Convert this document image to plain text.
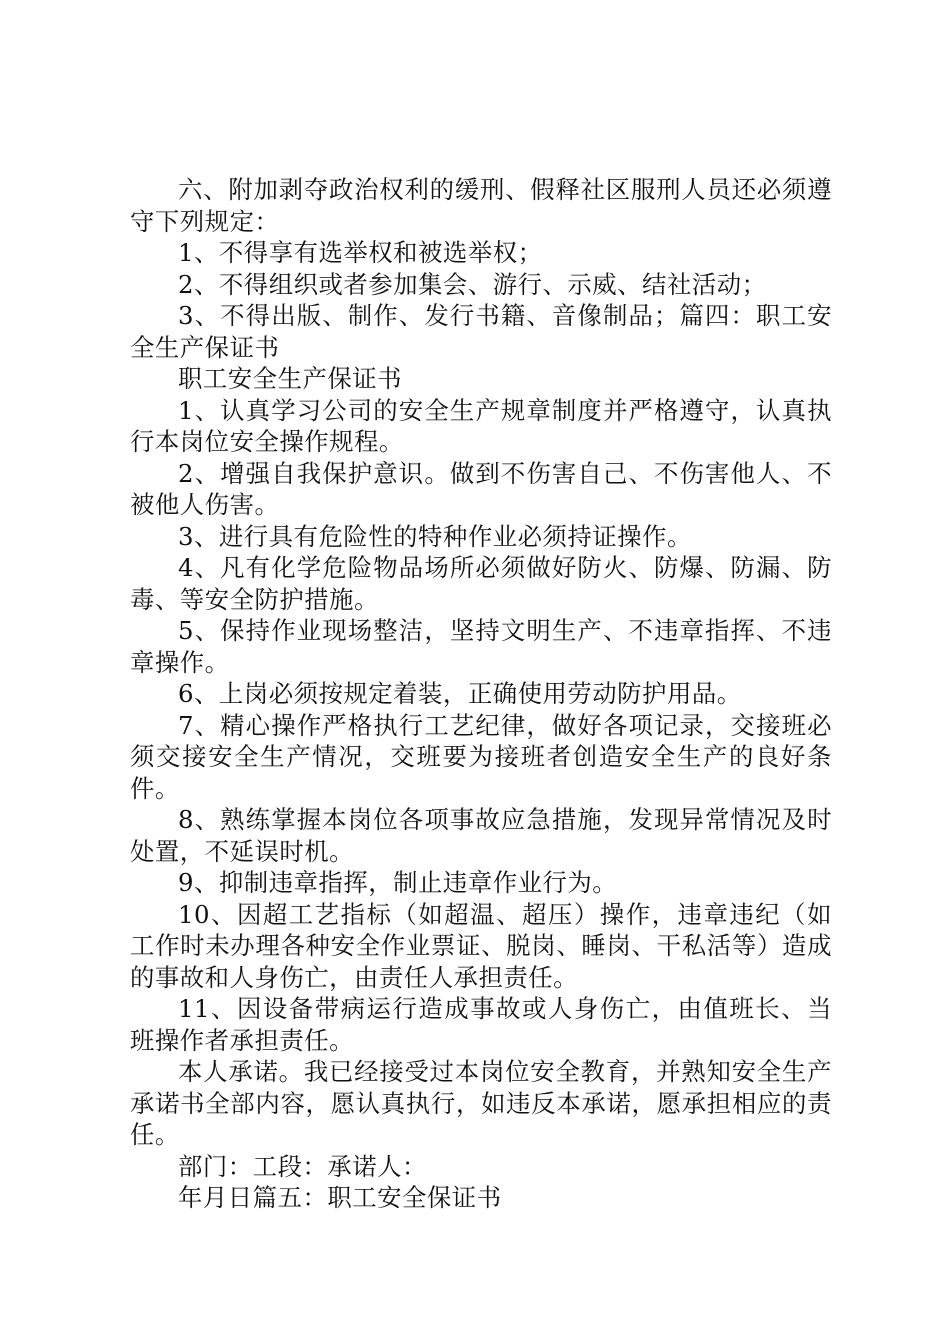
六、附加剥夺政治权利的缓刑、假释社区服刑人员还必须遵守下列规定：

1、不得享有选举权和被选举权；

2、不得组织或者参加集会、游行、示威、结社活动；

3、不得出版、制作、发行书籍、音像制品；篇四：职工安全生产保证书

职工安全生产保证书

1、认真学习公司的安全生产规章制度并严格遵守，认真执行本岗位安全操作规程。

2、增强自我保护意识。做到不伤害自己、不伤害他人、不被他人伤害。

3、进行具有危险性的特种作业必须持证操作。

4、凡有化学危险物品场所必须做好防火、防爆、防漏、防毒、等安全防护措施。

5、保持作业现场整洁，坚持文明生产、不违章指挥、不违章操作。

6、上岗必须按规定着装，正确使用劳动防护用品。

7、精心操作严格执行工艺纪律，做好各项记录，交接班必须交接安全生产情况，交班要为接班者创造安全生产的良好条件。

8、熟练掌握本岗位各项事故应急措施，发现异常情况及时处置，不延误时机。

9、抑制违章指挥，制止违章作业行为。

10、因超工艺指标（如超温、超压）操作，违章违纪（如工作时未办理各种安全作业票证、脱岗、睡岗、干私活等）造成的事故和人身伤亡，由责任人承担责任。

11、因设备带病运行造成事故或人身伤亡，由值班长、当班操作者承担责任。

本人承诺。我已经接受过本岗位安全教育，并熟知安全生产承诺书全部内容，愿认真执行，如违反本承诺，愿承担相应的责任。

部门：工段：承诺人：

年月日篇五：职工安全保证书
